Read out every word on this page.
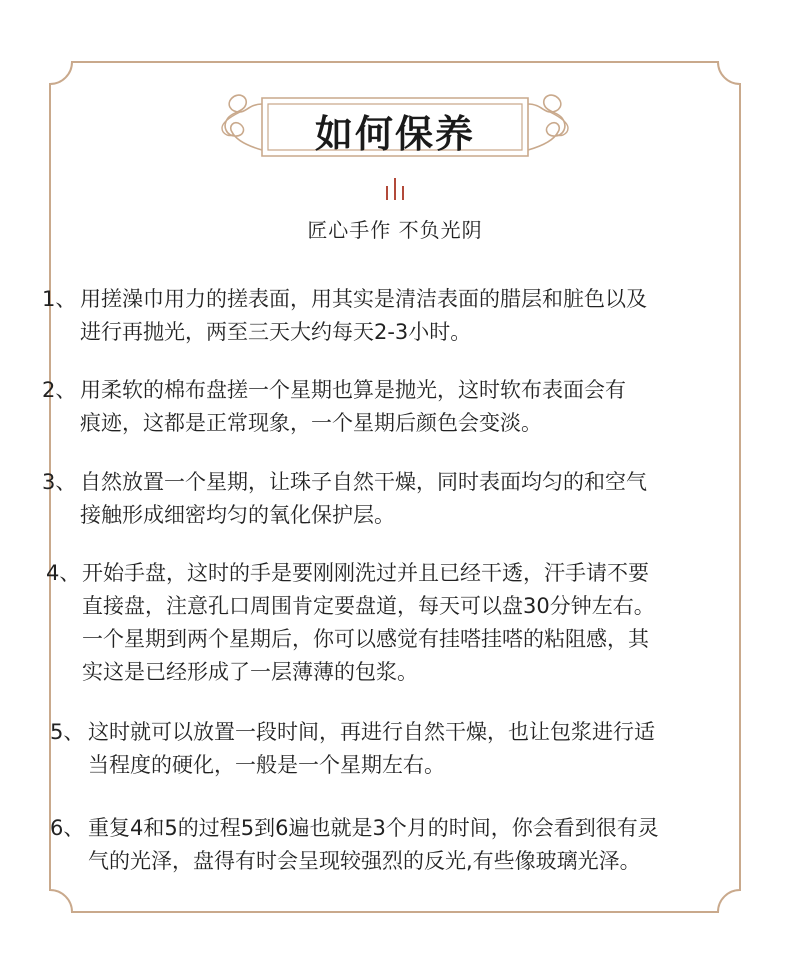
如何保养
匠心手作 不负光阴
1、 用搓澡巾用力的搓表面，用其实是清洁表面的腊层和脏色以及
进行再抛光，两至三天大约每天2-3小时。
2、 用柔软的棉布盘搓一个星期也算是抛光，这时软布表面会有
痕迹，这都是正常现象，一个星期后颜色会变淡。
3、 自然放置一个星期，让珠子自然干燥，同时表面均匀的和空气
接触形成细密均匀的氧化保护层。
4、 开始手盘，这时的手是要刚刚洗过并且已经干透，汗手请不要
直接盘，注意孔口周围肯定要盘道，每天可以盘30分钟左右。
一个星期到两个星期后，你可以感觉有挂嗒挂嗒的粘阻感，其
实这是已经形成了一层薄薄的包浆。
5、 这时就可以放置一段时间，再进行自然干燥，也让包浆进行适
当程度的硬化，一般是一个星期左右。
6、 重复4和5的过程5到6遍也就是3个月的时间，你会看到很有灵
气的光泽，盘得有时会呈现较强烈的反光,有些像玻璃光泽。
